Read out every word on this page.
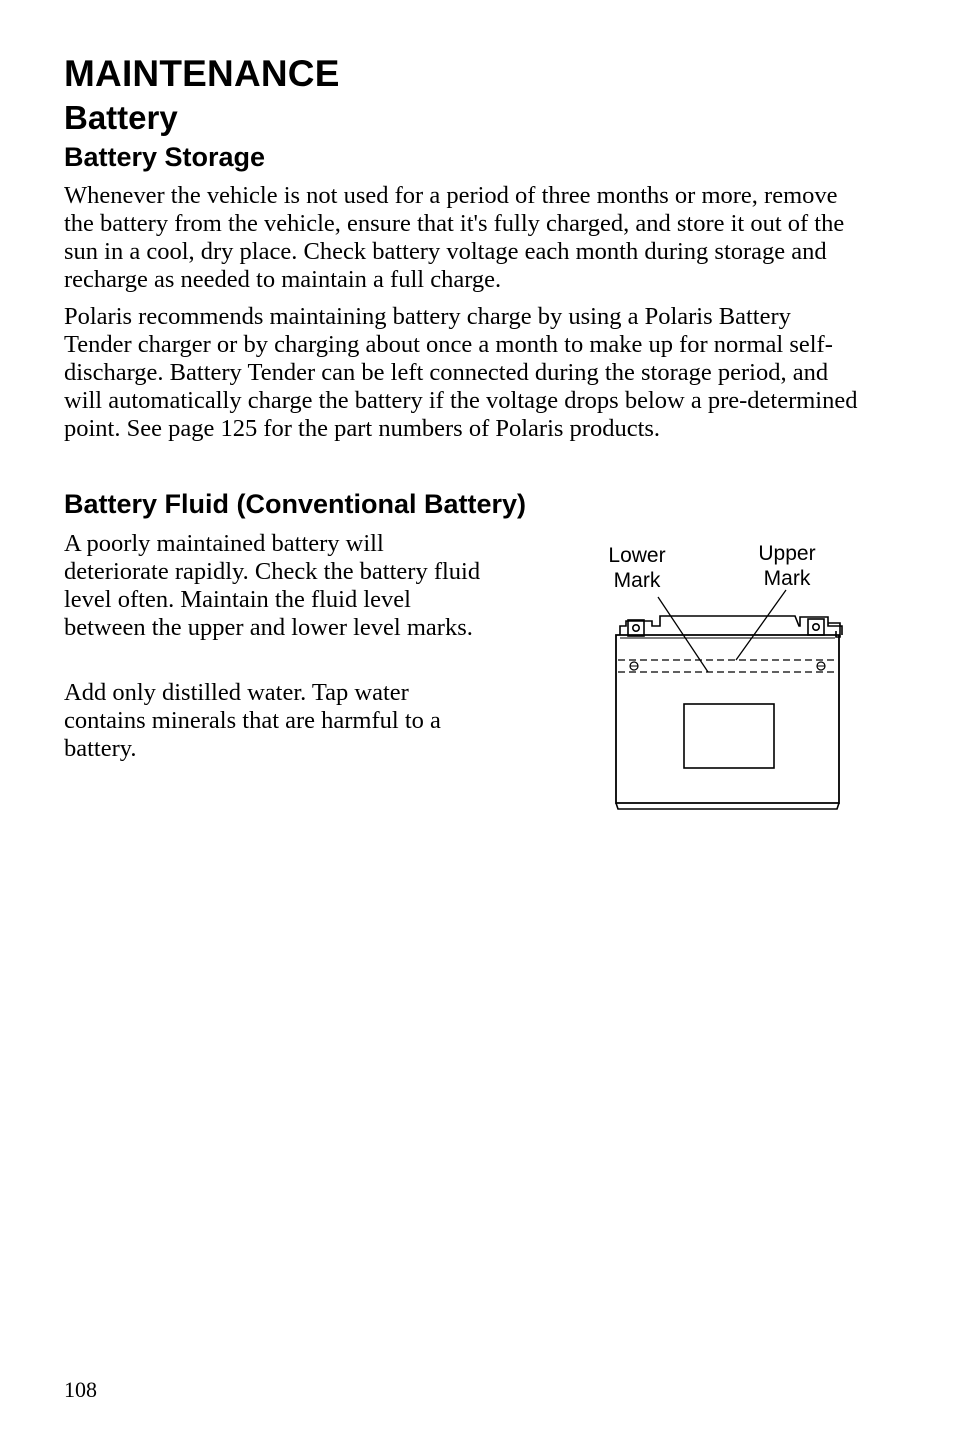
MAINTENANCE
Battery
Battery Storage

Whenever the vehicle is not used for a period of three months or more, remove the battery from the vehicle, ensure that it's fully charged, and store it out of the sun in a cool, dry place. Check battery voltage each month during storage and recharge as needed to maintain a full charge.

Polaris recommends maintaining battery charge by using a Polaris Battery Tender charger or by charging about once a month to make up for normal self-discharge. Battery Tender can be left connected during the storage period, and will automatically charge the battery if the voltage drops below a pre-determined point. See page 125 for the part numbers of Polaris products.

Battery Fluid (Conventional Battery)

A poorly maintained battery will deteriorate rapidly. Check the battery fluid level often. Maintain the fluid level between the upper and lower level marks.

Add only distilled water. Tap water contains minerals that are harmful to a battery.

Lower
Mark
Upper
Mark

108
